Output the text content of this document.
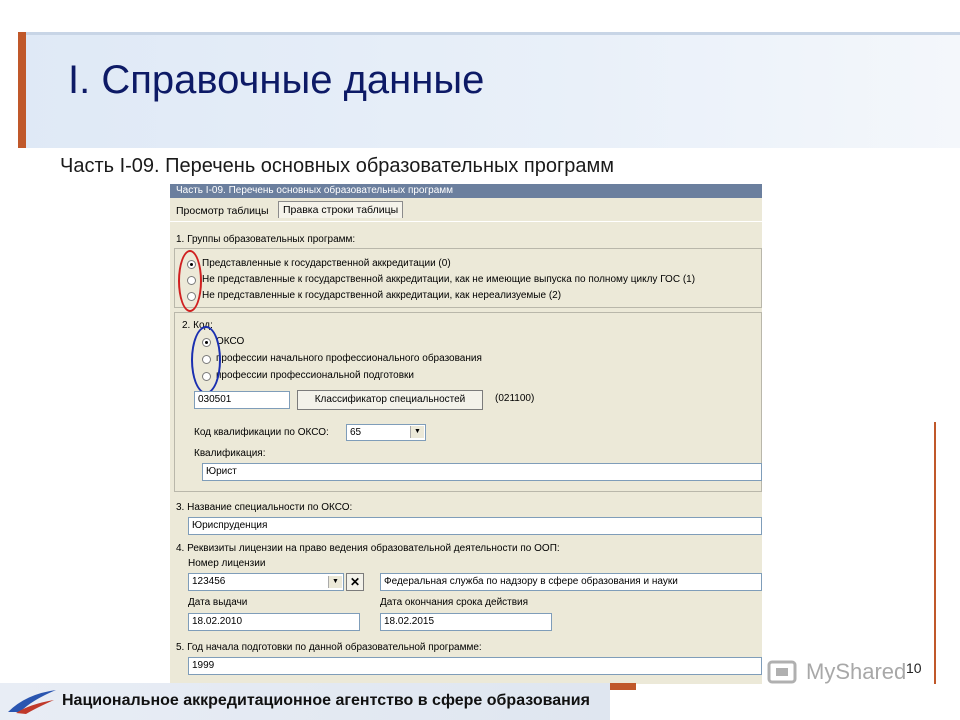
I. Справочные данные
Часть I-09. Перечень основных образовательных программ
Часть I-09. Перечень основных образовательных программ
Просмотр таблицы	Правка строки таблицы
1. Группы образовательных программ:
Представленные к государственной аккредитации (0)
Не представленные к государственной аккредитации, как не имеющие выпуска по полному циклу ГОС (1)
Не представленные к государственной аккредитации, как нереализуемые (2)
2. Код:
ОКСО
профессии начального профессионального образования
профессии профессиональной подготовки
030501	Классификатор специальностей	(021100)
Код квалификации по ОКСО:	65	▼
Квалификация:
Юрист
3. Название специальности по ОКСО:
Юриспруденция
4. Реквизиты лицензии на право ведения образовательной деятельности по ООП:
Номер лицензии
123456	▼ ✕	Федеральная служба по надзору в сфере образования и науки
Дата выдачи
18.02.2010
Дата окончания срока действия
18.02.2015
5. Год начала подготовки по данной образовательной программе:
1999	MyShared 10
Национальное аккредитационное агентство в сфере образования
